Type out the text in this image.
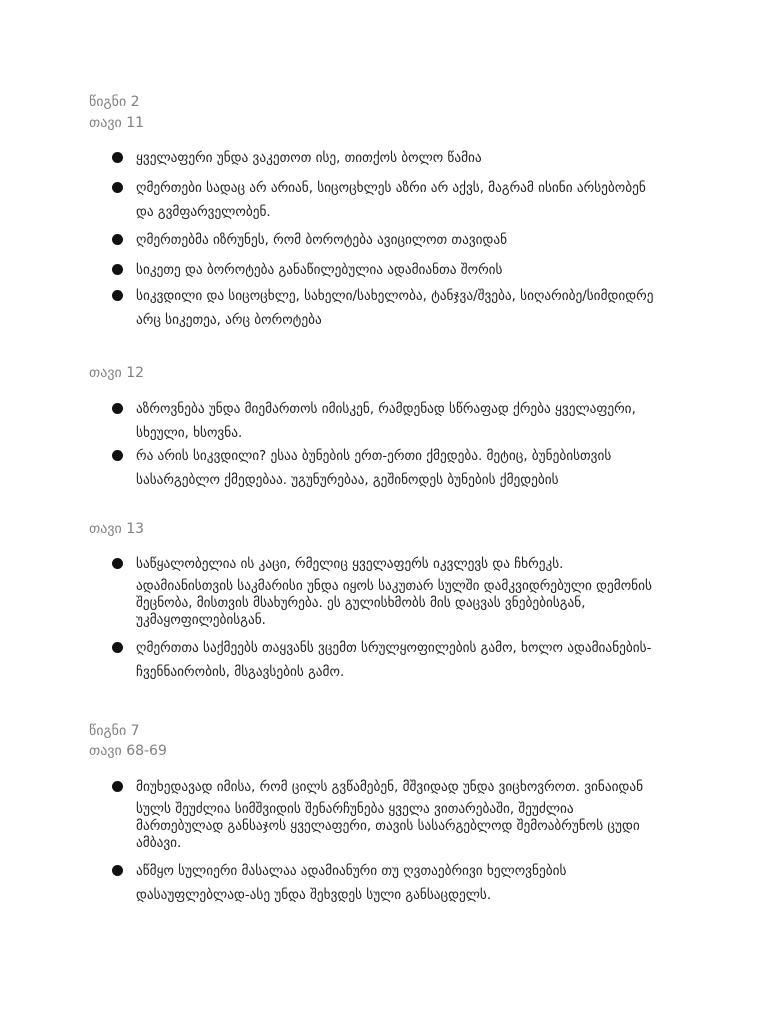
წიგნი 2

თავი 11

ყველაფერი უნდა ვაკეთოთ ისე, თითქოს ბოლო წამია
ღმერთები სადაც არ არიან, სიცოცხლეს აზრი არ აქვს, მაგრამ ისინი არსებობენ
და გვმფარველობენ.
ღმერთებმა იზრუნეს, რომ ბოროტება ავიცილოთ თავიდან
სიკეთე და ბოროტება განაწილებულია ადამიანთა შორის
სიკვდილი და სიცოცხლე, სახელი/სახელობა, ტანჯვა/შვება, სიღარიბე/სიმდიდრე
არც სიკეთეა, არც ბოროტება

თავი 12

აზროვნება უნდა მიემართოს იმისკენ, რამდენად სწრაფად ქრება ყველაფერი,
სხეული, ხსოვნა.
რა არის სიკვდილი? ესაა ბუნების ერთ-ერთი ქმედება. მეტიც, ბუნებისთვის
სასარგებლო ქმედებაა. უგუნურებაა, გეშინოდეს ბუნების ქმედების

თავი 13

საწყალობელია ის კაცი, რმელიც ყველაფერს იკვლევს და ჩხრეკს.
ადამიანისთვის საკმარისი უნდა იყოს საკუთარ სულში დამკვიდრებული დემონის
შეცნობა, მისთვის მსახურება. ეს გულისხმობს მის დაცვას ვნებებისგან,
უკმაყოფილებისგან.
ღმერთთა საქმეებს თაყვანს ვცემთ სრულყოფილების გამო, ხოლო ადამიანების-
ჩვენნაირობის, მსგავსების გამო.

წიგნი 7

თავი 68-69

მიუხედავად იმისა, რომ ცილს გვწამებენ, მშვიდად უნდა ვიცხოვროთ. ვინაიდან
სულს შეუძლია სიმშვიდის შენარჩუნება ყველა ვითარებაში, შეუძლია
მართებულად განსაჯოს ყველაფერი, თავის სასარგებლოდ შემოაბრუნოს ცუდი
ამბავი.
აწმყო სულიერი მასალაა ადამიანური თუ ღვთაებრივი ხელოვნების
დასაუფლებლად-ასე უნდა შეხვდეს სული განსაცდელს.
